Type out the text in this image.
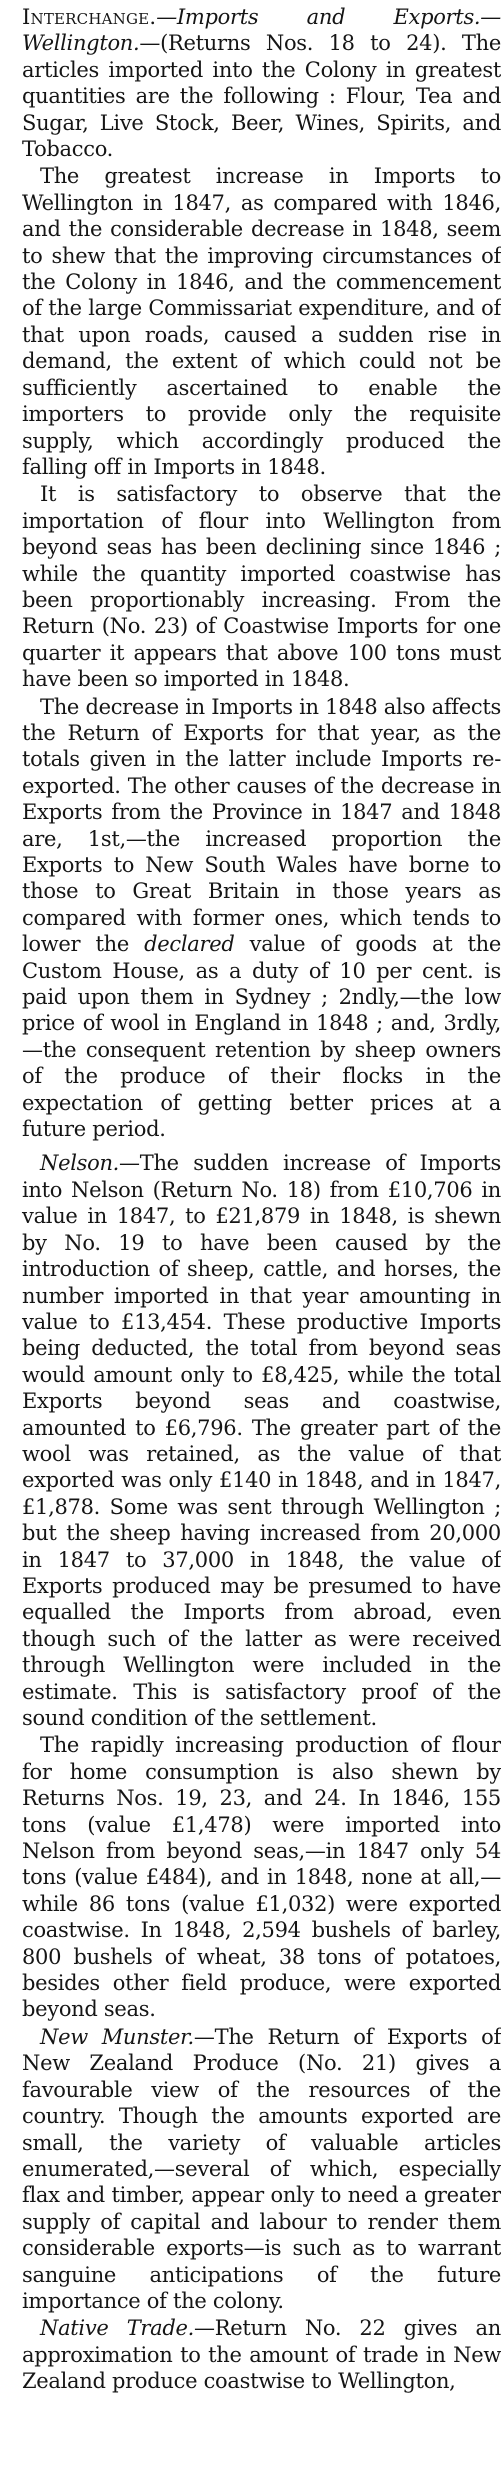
Interchange.—Imports and Exports.— Wellington.—(Returns Nos. 18 to 24). The articles imported into the Colony in greatest quantities are the following : Flour, Tea and Sugar, Live Stock, Beer, Wines, Spirits, and Tobacco.

The greatest increase in Imports to Wellington in 1847, as compared with 1846, and the considerable decrease in 1848, seem to shew that the improving circumstances of the Colony in 1846, and the commencement of the large Commissariat expenditure, and of that upon roads, caused a sudden rise in demand, the extent of which could not be sufficiently ascertained to enable the importers to provide only the requisite supply, which accordingly produced the falling off in Imports in 1848.

It is satisfactory to observe that the importation of flour into Wellington from beyond seas has been declining since 1846 ; while the quantity imported coastwise has been proportionably increasing. From the Return (No. 23) of Coastwise Imports for one quarter it appears that above 100 tons must have been so imported in 1848.

The decrease in Imports in 1848 also affects the Return of Exports for that year, as the totals given in the latter include Imports re-exported. The other causes of the decrease in Exports from the Province in 1847 and 1848 are, 1st,—the increased proportion the Exports to New South Wales have borne to those to Great Britain in those years as compared with former ones, which tends to lower the declared value of goods at the Custom House, as a duty of 10 per cent. is paid upon them in Sydney ; 2ndly,—the low price of wool in England in 1848 ; and, 3rdly,—the consequent retention by sheep owners of the produce of their flocks in the expectation of getting better prices at a future period.

Nelson.—The sudden increase of Imports into Nelson (Return No. 18) from £10,706 in value in 1847, to £21,879 in 1848, is shewn by No. 19 to have been caused by the introduction of sheep, cattle, and horses, the number imported in that year amounting in value to £13,454. These productive Imports being deducted, the total from beyond seas would amount only to £8,425, while the total Exports beyond seas and coastwise, amounted to £6,796. The greater part of the wool was retained, as the value of that exported was only £140 in 1848, and in 1847, £1,878. Some was sent through Wellington ; but the sheep having increased from 20,000 in 1847 to 37,000 in 1848, the value of Exports produced may be presumed to have equalled the Imports from abroad, even though such of the latter as were received through Wellington were included in the estimate. This is satisfactory proof of the sound condition of the settlement.

The rapidly increasing production of flour for home consumption is also shewn by Returns Nos. 19, 23, and 24. In 1846, 155 tons (value £1,478) were imported into Nelson from beyond seas,—in 1847 only 54 tons (value £484), and in 1848, none at all,—while 86 tons (value £1,032) were exported coastwise. In 1848, 2,594 bushels of barley, 800 bushels of wheat, 38 tons of potatoes, besides other field produce, were exported beyond seas.

New Munster.—The Return of Exports of New Zealand Produce (No. 21) gives a favourable view of the resources of the country. Though the amounts exported are small, the variety of valuable articles enumerated,—several of which, especially flax and timber, appear only to need a greater supply of capital and labour to render them considerable exports—is such as to warrant sanguine anticipations of the future importance of the colony.

Native Trade.—Return No. 22 gives an approximation to the amount of trade in New Zealand produce coastwise to Wellington,
